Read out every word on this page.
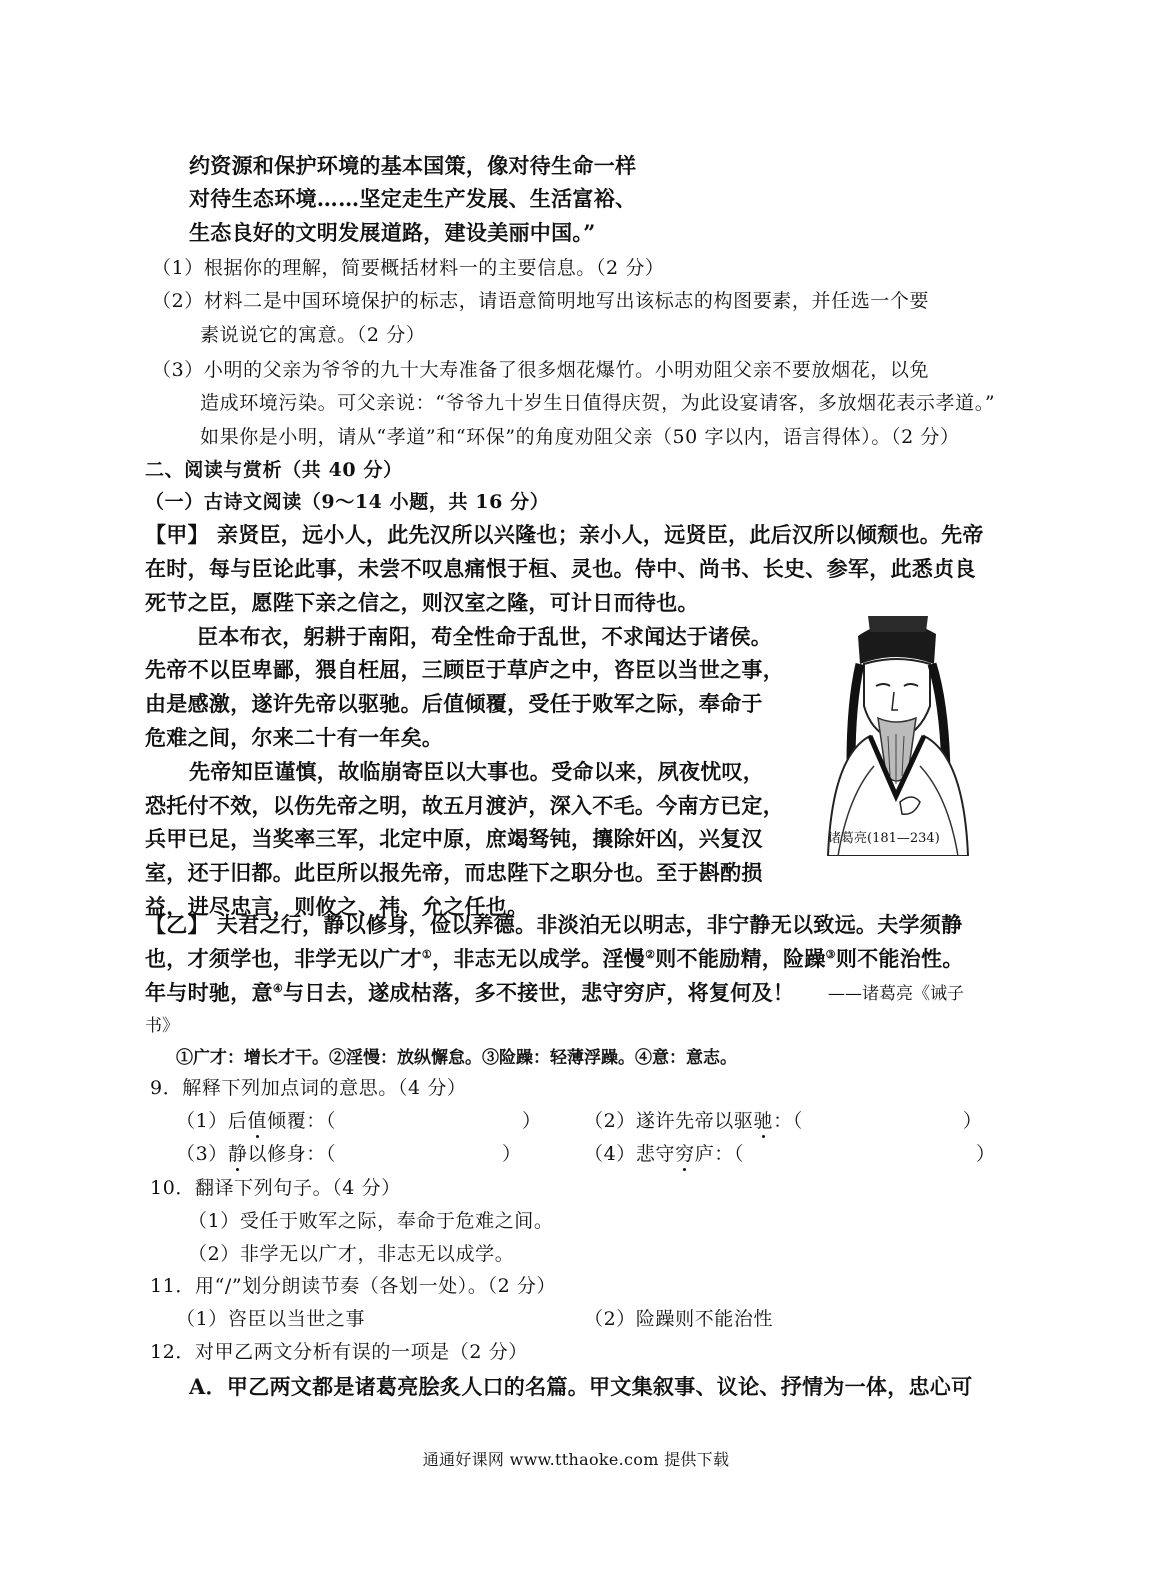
约资源和保护环境的基本国策，像对待生命一样
对待生态环境……坚定走生产发展、生活富裕、
生态良好的文明发展道路，建设美丽中国。”
（1）根据你的理解，简要概括材料一的主要信息。（2 分）
（2）材料二是中国环境保护的标志，请语意简明地写出该标志的构图要素，并任选一个要
素说说它的寓意。（2 分）
（3）小明的父亲为爷爷的九十大寿准备了很多烟花爆竹。小明劝阻父亲不要放烟花，以免
造成环境污染。可父亲说：“爷爷九十岁生日值得庆贺，为此设宴请客，多放烟花表示孝道。”
如果你是小明，请从“孝道”和“环保”的角度劝阻父亲（50 字以内，语言得体）。（2 分）
二、阅读与赏析（共 40 分）
（一）古诗文阅读（9～14 小题，共 16 分）
【甲】 亲贤臣，远小人，此先汉所以兴隆也；亲小人，远贤臣，此后汉所以倾颓也。先帝
在时，每与臣论此事，未尝不叹息痛恨于桓、灵也。侍中、尚书、长史、参军，此悉贞良
死节之臣，愿陛下亲之信之，则汉室之隆，可计日而待也。
臣本布衣，躬耕于南阳，苟全性命于乱世，不求闻达于诸侯。
先帝不以臣卑鄙，猥自枉屈，三顾臣于草庐之中，咨臣以当世之事，
由是感激，遂许先帝以驱驰。后值倾覆，受任于败军之际，奉命于
危难之间，尔来二十有一年矣。
先帝知臣谨慎，故临崩寄臣以大事也。受命以来，夙夜忧叹，
恐托付不效，以伤先帝之明，故五月渡泸，深入不毛。今南方已定，
兵甲已足，当奖率三军，北定中原，庶竭驽钝，攘除奸凶，兴复汉
室，还于旧都。此臣所以报先帝，而忠陛下之职分也。至于斟酌损
益，进尽忠言，则攸之、祎、允之任也。
诸葛亮(181—234)
【乙】 夫君之行，静以修身，俭以养德。非淡泊无以明志，非宁静无以致远。夫学须静
也，才须学也，非学无以广才①，非志无以成学。淫慢②则不能励精，险躁③则不能治性。
年与时驰，意④与日去，遂成枯落，多不接世，悲守穷庐，将复何及！ ——诸葛亮《诫子
书》
①广才：增长才干。②淫慢：放纵懈怠。③险躁：轻薄浮躁。④意：意志。
9．解释下列加点词的意思。（4 分）
（1）后值倾覆：（	） （2）遂许先帝以驱驰：（	）
（3）静以修身：（	）	（4）悲守穷庐：（	）
10．翻译下列句子。（4 分）
（1）受任于败军之际，奉命于危难之间。
（2）非学无以广才，非志无以成学。
11．用“/”划分朗读节奏（各划一处）。（2 分）
（1）咨臣以当世之事	（2）险躁则不能治性
12．对甲乙两文分析有误的一项是（2 分）
A．甲乙两文都是诸葛亮脍炙人口的名篇。甲文集叙事、议论、抒情为一体，忠心可
通通好课网 www.tthaoke.com 提供下载
